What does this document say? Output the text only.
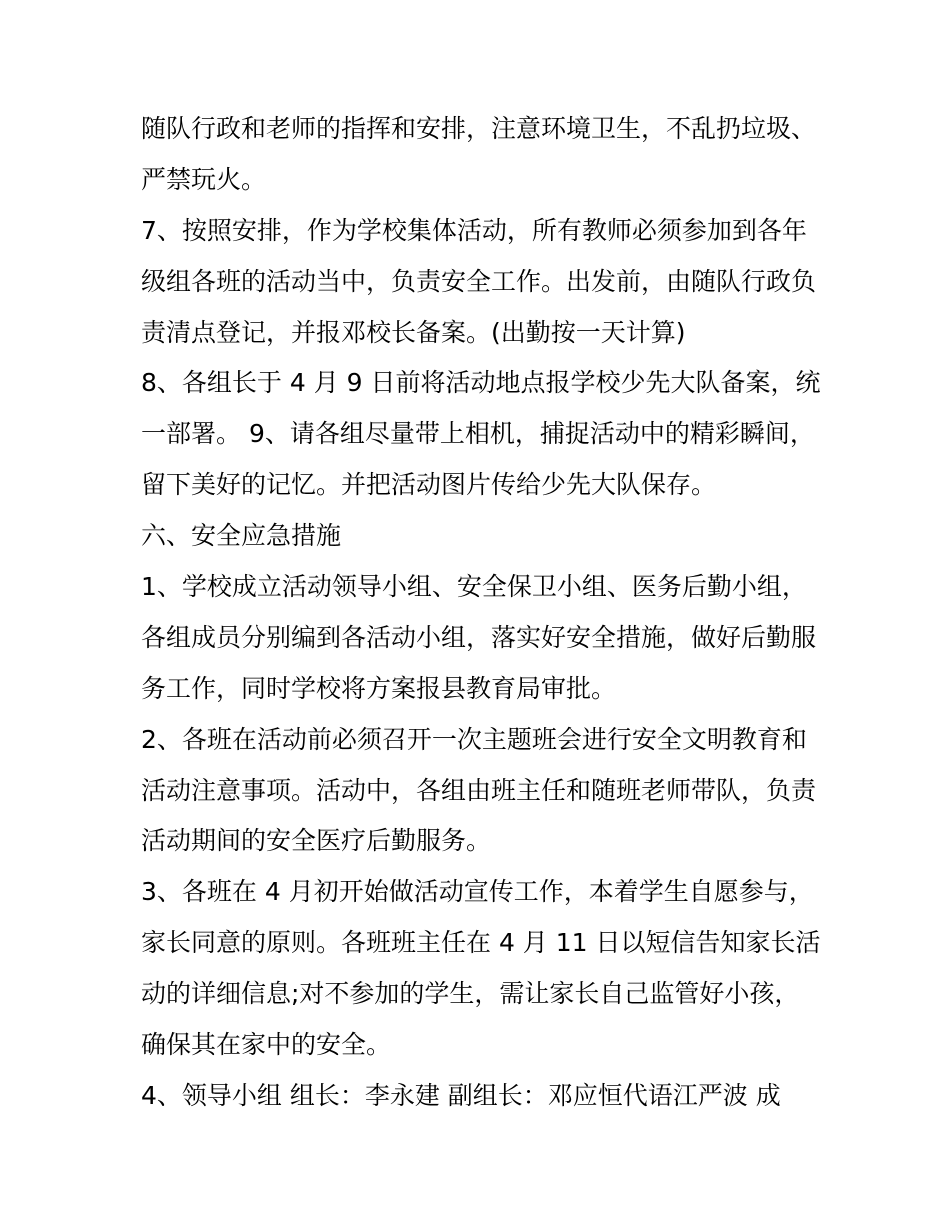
随队行政和老师的指挥和安排，注意环境卫生，不乱扔垃圾、
严禁玩火。
7、按照安排，作为学校集体活动，所有教师必须参加到各年
级组各班的活动当中，负责安全工作。出发前，由随队行政负
责清点登记，并报邓校长备案。(出勤按一天计算)
8、各组长于 4 月 9 日前将活动地点报学校少先大队备案，统
一部署。 9、请各组尽量带上相机，捕捉活动中的精彩瞬间，
留下美好的记忆。并把活动图片传给少先大队保存。
六、安全应急措施
1、学校成立活动领导小组、安全保卫小组、医务后勤小组，
各组成员分别编到各活动小组，落实好安全措施，做好后勤服
务工作，同时学校将方案报县教育局审批。
2、各班在活动前必须召开一次主题班会进行安全文明教育和
活动注意事项。活动中，各组由班主任和随班老师带队，负责
活动期间的安全医疗后勤服务。
3、各班在 4 月初开始做活动宣传工作，本着学生自愿参与，
家长同意的原则。各班班主任在 4 月 11 日以短信告知家长活
动的详细信息;对不参加的学生，需让家长自己监管好小孩，
确保其在家中的安全。
4、领导小组 组长：李永建 副组长：邓应恒代语江严波 成
